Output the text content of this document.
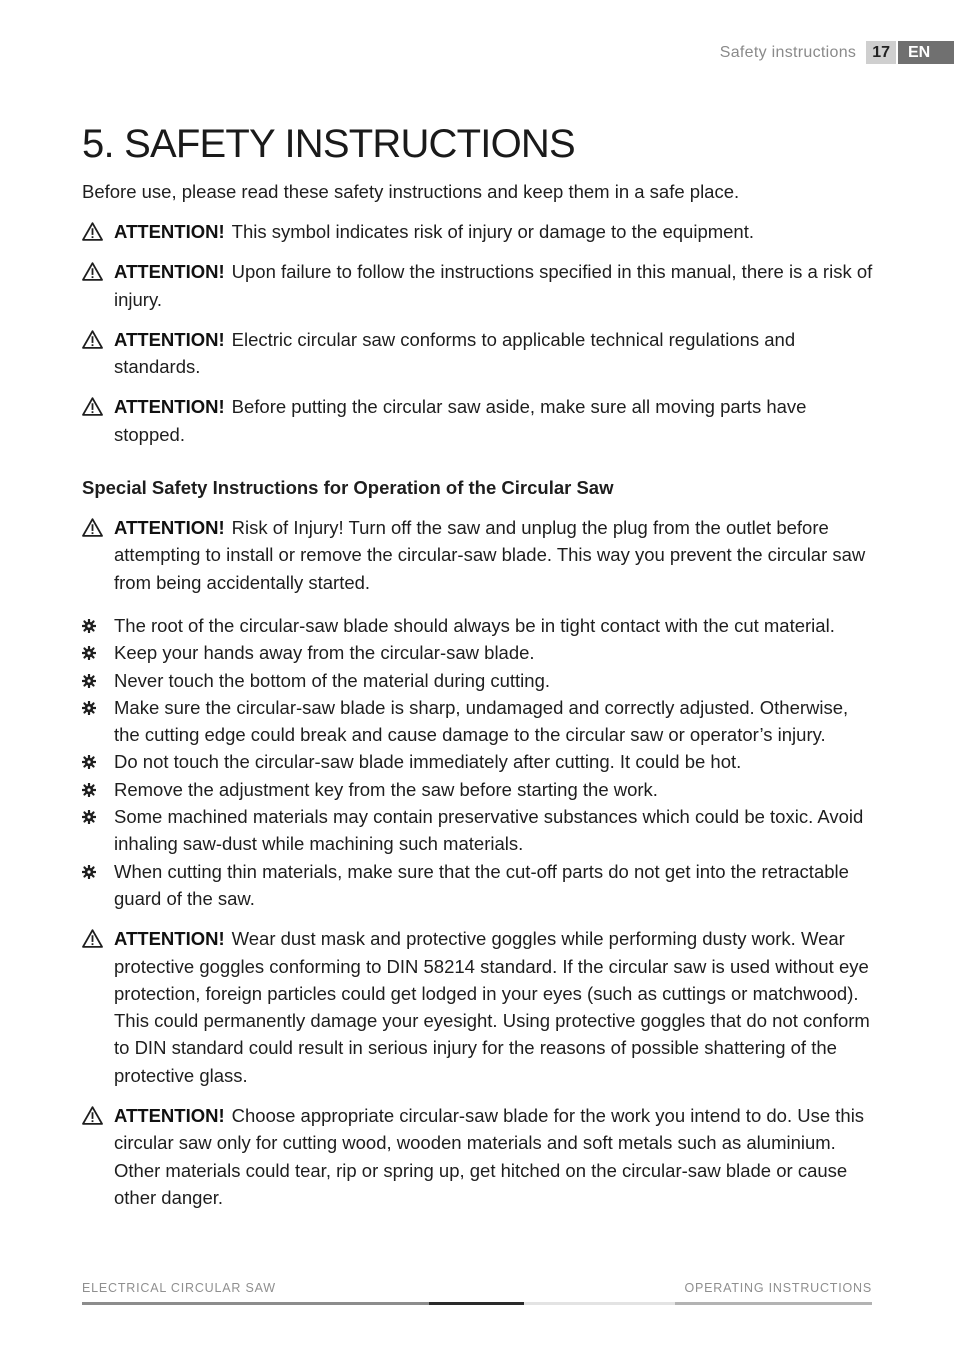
Safety instructions	17	EN
5. SAFETY INSTRUCTIONS

Before use, please read these safety instructions and keep them in a safe place.

ATTENTION! This symbol indicates risk of injury or damage to the equipment.
ATTENTION! Upon failure to follow the instructions specified in this manual, there is a risk of injury.
ATTENTION! Electric circular saw conforms to applicable technical regulations and standards.
ATTENTION! Before putting the circular saw aside, make sure all moving parts have stopped.
Special Safety Instructions for Operation of the Circular Saw
ATTENTION! Risk of Injury! Turn off the saw and unplug the plug from the outlet before attempting to install or remove the circular-saw blade. This way you prevent the circular saw from being accidentally started.
The root of the circular-saw blade should always be in tight contact with the cut material.
Keep your hands away from the circular-saw blade.
Never touch the bottom of the material during cutting.
Make sure the circular-saw blade is sharp, undamaged and correctly adjusted. Otherwise, the cutting edge could break and cause damage to the circular saw or operator’s injury.
Do not touch the circular-saw blade immediately after cutting. It could be hot.
Remove the adjustment key from the saw before starting the work.
Some machined materials may contain preservative substances which could be toxic. Avoid inhaling saw-dust while machining such materials.
When cutting thin materials, make sure that the cut-off parts do not get into the retractable guard of the saw.
ATTENTION! Wear dust mask and protective goggles while performing dusty work. Wear protective goggles conforming to DIN 58214 standard. If the circular saw is used without eye protection, foreign particles could get lodged in your eyes (such as cuttings or matchwood). This could permanently damage your eyesight. Using protective goggles that do not conform to DIN standard could result in serious injury for the reasons of possible shattering of the protective glass.
ATTENTION! Choose appropriate circular-saw blade for the work you intend to do. Use this circular saw only for cutting wood, wooden materials and soft metals such as aluminium. Other materials could tear, rip or spring up, get hitched on the circular-saw blade or cause other danger.
ELECTRICAL CIRCULAR SAW	OPERATING INSTRUCTIONS
